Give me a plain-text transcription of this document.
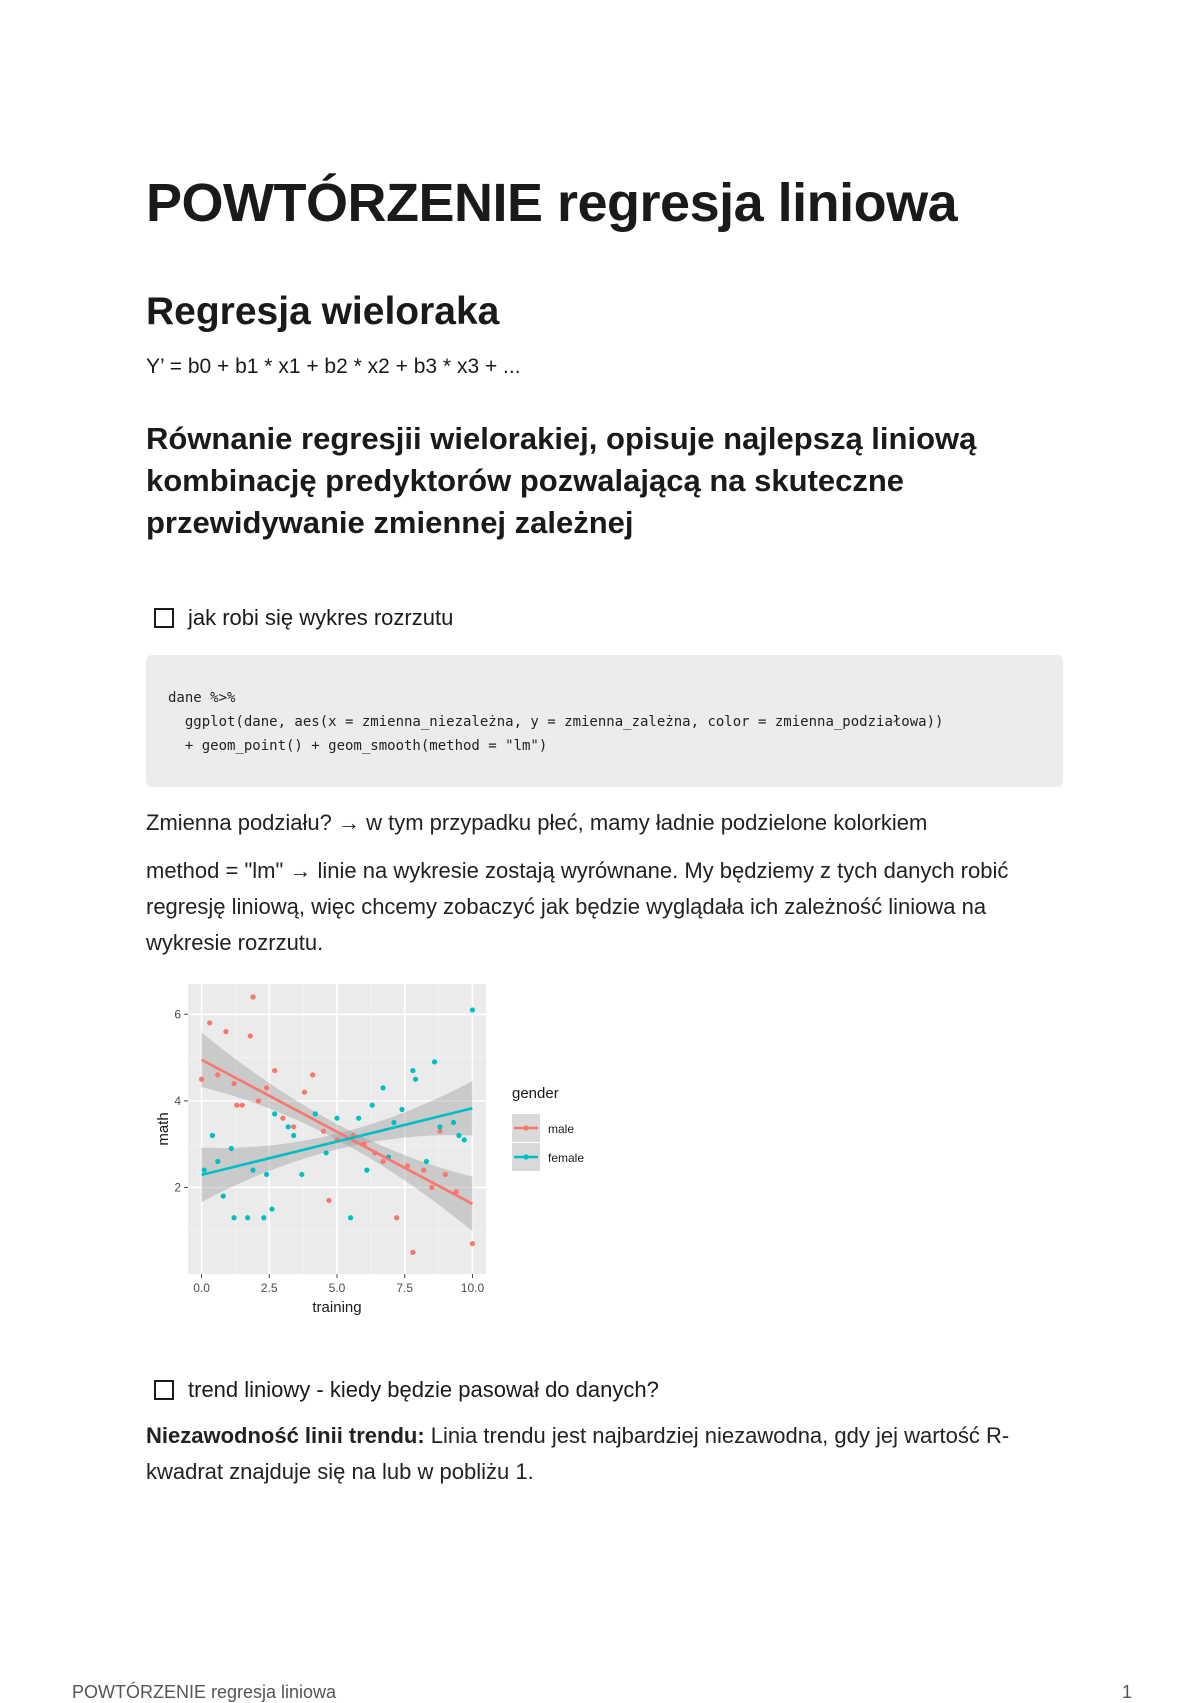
POWTÓRZENIE regresja liniowa
Regresja wieloraka
Y’ = b0 + b1 * x1 + b2 * x2 + b3 * x3 + ...
Równanie regresjii wielorakiej, opisuje najlepszą liniową kombinację predyktorów pozwalającą na skuteczne przewidywanie zmiennej zależnej
jak robi się wykres rozrzutu
dane %>%
ggplot(dane, aes(x = zmienna_niezależna, y = zmienna_zależna, color = zmienna_podziałowa))
+ geom_point() + geom_smooth(method = "lm")
Zmienna podziału? → w tym przypadku płeć, mamy ładnie podzielone kolorkiem
method = "lm" → linie na wykresie zostają wyrównane. My będziemy z tych danych robić regresję liniową, więc chcemy zobaczyć jak będzie wyglądała ich zależność liniowa na wykresie rozrzutu.
0.0	2.5	5.0	7.5	10.0
2
4
6
training
math
gender
male
female
trend liniowy - kiedy będzie pasował do danych?
Niezawodność linii trendu: Linia trendu jest najbardziej niezawodna, gdy jej wartość R-kwadrat znajduje się na lub w pobliżu 1.
POWTÓRZENIE regresja liniowa	1
